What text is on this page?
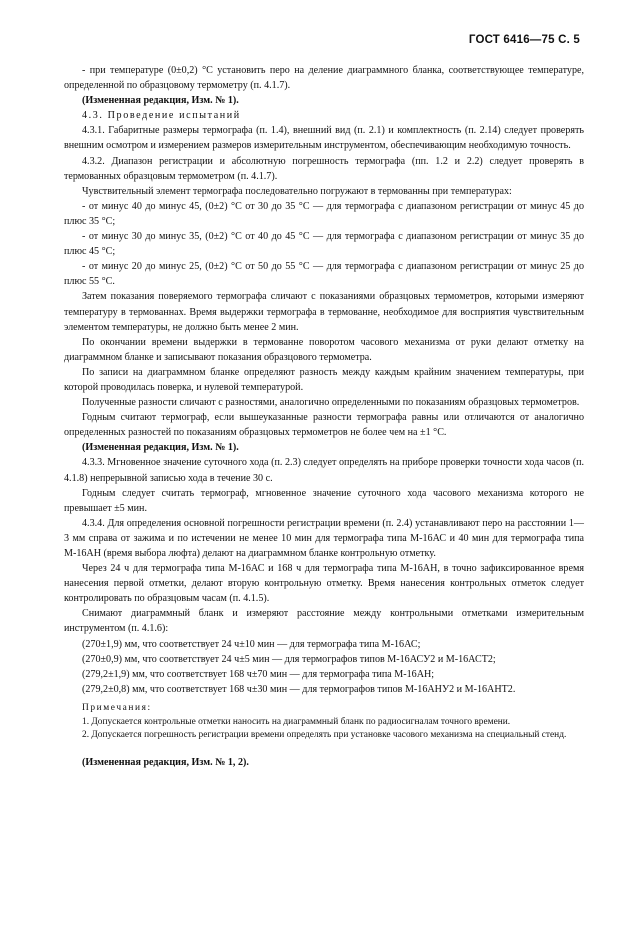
ГОСТ 6416—75 С. 5

- при температуре (0±0,2) °С установить перо на деление диаграммного бланка, соответствующее температуре, определенной по образцовому термометру (п. 4.1.7).

(Измененная редакция, Изм. № 1).

4.3. Проведение испытаний

4.3.1. Габаритные размеры термографа (п. 1.4), внешний вид (п. 2.1) и комплектность (п. 2.14) следует проверять внешним осмотром и измерением размеров измерительным инструментом, обеспечивающим необходимую точность.

4.3.2. Диапазон регистрации и абсолютную погрешность термографа (пп. 1.2 и 2.2) следует проверять в термованных образцовым термометром (п. 4.1.7).

Чувствительный элемент термографа последовательно погружают в термованны при температурах:

- от минус 40 до минус 45, (0±2) °С от 30 до 35 °С — для термографа с диапазоном регистрации от минус 45 до плюс 35 °С;

- от минус 30 до минус 35, (0±2) °С от 40 до 45 °С — для термографа с диапазоном регистрации от минус 35 до плюс 45 °С;

- от минус 20 до минус 25, (0±2) °С от 50 до 55 °С — для термографа с диапазоном регистрации от минус 25 до плюс 55 °С.

Затем показания поверяемого термографа сличают с показаниями образцовых термометров, которыми измеряют температуру в термованнах. Время выдержки термографа в термованне, необходимое для восприятия чувствительным элементом температуры, не должно быть менее 2 мин.

По окончании времени выдержки в термованне поворотом часового механизма от руки делают отметку на диаграммном бланке и записывают показания образцового термометра.

По записи на диаграммном бланке определяют разность между каждым крайним значением температуры, при которой проводилась поверка, и нулевой температурой.

Полученные разности сличают с разностями, аналогично определенными по показаниям образцовых термометров.

Годным считают термограф, если вышеуказанные разности термографа равны или отличаются от аналогично определенных разностей по показаниям образцовых термометров не более чем на ±1 °С.

(Измененная редакция, Изм. № 1).

4.3.3. Мгновенное значение суточного хода (п. 2.3) следует определять на приборе проверки точности хода часов (п. 4.1.8) непрерывной записью хода в течение 30 с.

Годным следует считать термограф, мгновенное значение суточного хода часового механизма которого не превышает ±5 мин.

4.3.4. Для определения основной погрешности регистрации времени (п. 2.4) устанавливают перо на расстоянии 1—3 мм справа от зажима и по истечении не менее 10 мин для термографа типа М-16АС и 40 мин для термографа типа М-16АН (время выбора люфта) делают на диаграммном бланке контрольную отметку.

Через 24 ч для термографа типа М-16АС и 168 ч для термографа типа М-16АН, в точно зафиксированное время нанесения первой отметки, делают вторую контрольную отметку. Время нанесения контрольных отметок следует контролировать по образцовым часам (п. 4.1.5).

Снимают диаграммный бланк и измеряют расстояние между контрольными отметками измерительным инструментом (п. 4.1.6):

(270±1,9) мм, что соответствует 24 ч±10 мин — для термографа типа М-16АС;

(270±0,9) мм, что соответствует 24 ч±5 мин — для термографов типов М-16АСУ2 и М-16АСТ2;

(279,2±1,9) мм, что соответствует 168 ч±70 мин — для термографа типа М-16АН;

(279,2±0,8) мм, что соответствует 168 ч±30 мин — для термографов типов М-16АНУ2 и М-16АНТ2.

Примечания:

1. Допускается контрольные отметки наносить на диаграммный бланк по радиосигналам точного времени.

2. Допускается погрешность регистрации времени определять при установке часового механизма на специальный стенд.

(Измененная редакция, Изм. № 1, 2).
